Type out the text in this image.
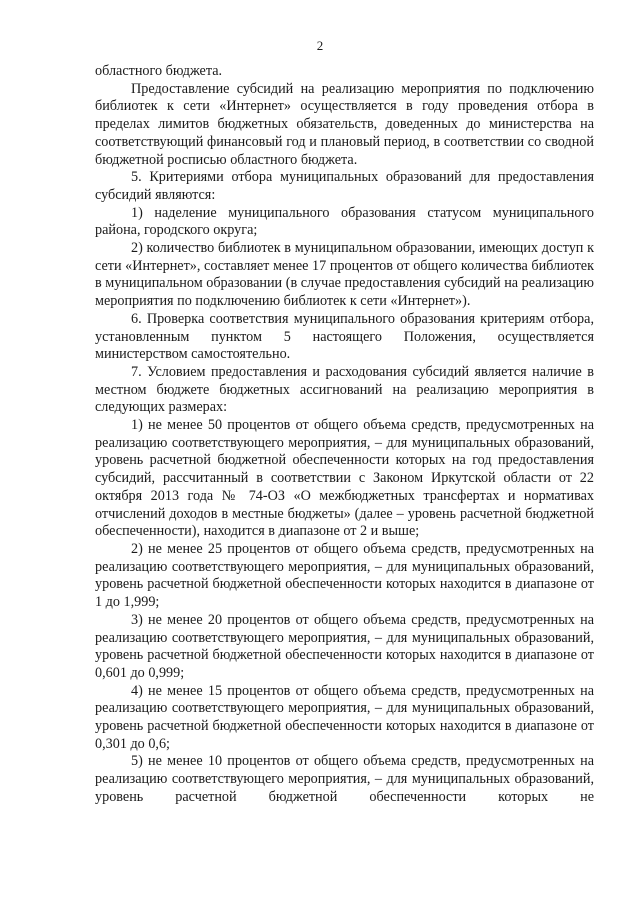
2

областного бюджета.

Предоставление субсидий на реализацию мероприятия по подключению библиотек к сети «Интернет» осуществляется в году проведения отбора в пределах лимитов бюджетных обязательств, доведенных до министерства на соответствующий финансовый год и плановый период, в соответствии со сводной бюджетной росписью областного бюджета.

5. Критериями отбора муниципальных образований для предоставления субсидий являются:

1) наделение муниципального образования статусом муниципального района, городского округа;

2) количество библиотек в муниципальном образовании, имеющих доступ к сети «Интернет», составляет менее 17 процентов от общего количества библиотек в муниципальном образовании (в случае предоставления субсидий на реализацию мероприятия по подключению библиотек к сети «Интернет»).

6. Проверка соответствия муниципального образования критериям отбора, установленным пунктом 5 настоящего Положения, осуществляется министерством самостоятельно.

7. Условием предоставления и расходования субсидий является наличие в местном бюджете бюджетных ассигнований на реализацию мероприятия в следующих размерах:

1) не менее 50 процентов от общего объема средств, предусмотренных на реализацию соответствующего мероприятия, – для муниципальных образований, уровень расчетной бюджетной обеспеченности которых на год предоставления субсидий, рассчитанный в соответствии с Законом Иркутской области от 22 октября 2013 года № 74-ОЗ «О межбюджетных трансфертах и нормативах отчислений доходов в местные бюджеты» (далее – уровень расчетной бюджетной обеспеченности), находится в диапазоне от 2 и выше;

2) не менее 25 процентов от общего объема средств, предусмотренных на реализацию соответствующего мероприятия, – для муниципальных образований, уровень расчетной бюджетной обеспеченности которых находится в диапазоне от 1 до 1,999;

3) не менее 20 процентов от общего объема средств, предусмотренных на реализацию соответствующего мероприятия, – для муниципальных образований, уровень расчетной бюджетной обеспеченности которых находится в диапазоне от 0,601 до 0,999;

4) не менее 15 процентов от общего объема средств, предусмотренных на реализацию соответствующего мероприятия, – для муниципальных образований, уровень расчетной бюджетной обеспеченности которых находится в диапазоне от 0,301 до 0,6;

5) не менее 10 процентов от общего объема средств, предусмотренных на реализацию соответствующего мероприятия, – для муниципальных образований, уровень расчетной бюджетной обеспеченности которых не
